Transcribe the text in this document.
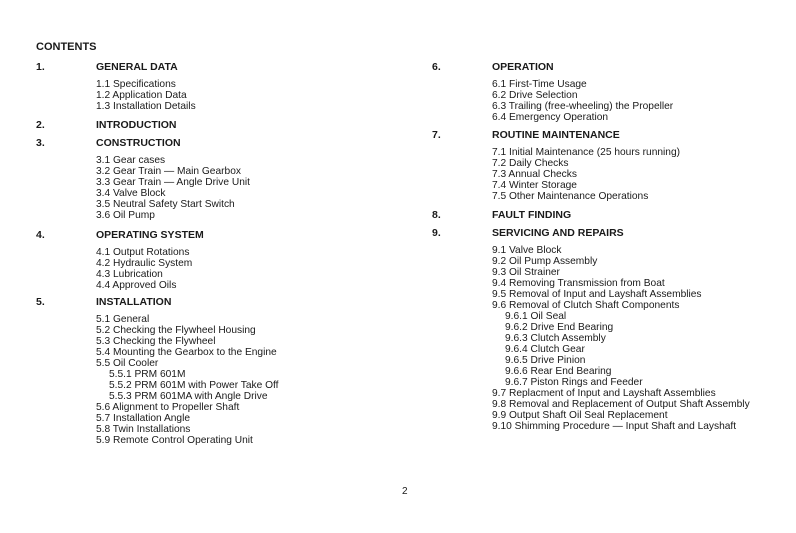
CONTENTS
1.	GENERAL DATA
1.1 Specifications
1.2 Application Data
1.3 Installation Details
2.	INTRODUCTION
3.	CONSTRUCTION
3.1 Gear cases
3.2 Gear Train — Main Gearbox
3.3 Gear Train — Angle Drive Unit
3.4 Valve Block
3.5 Neutral Safety Start Switch
3.6 Oil Pump
4.	OPERATING SYSTEM
4.1 Output Rotations
4.2 Hydraulic System
4.3 Lubrication
4.4 Approved Oils
5.	INSTALLATION
5.1 General
5.2 Checking the Flywheel Housing
5.3 Checking the Flywheel
5.4 Mounting the Gearbox to the Engine
5.5 Oil Cooler
5.5.1 PRM 601M
5.5.2 PRM 601M with Power Take Off
5.5.3 PRM 601MA with Angle Drive
5.6 Alignment to Propeller Shaft
5.7 Installation Angle
5.8 Twin Installations
5.9 Remote Control Operating Unit
6.	OPERATION
6.1 First-Time Usage
6.2 Drive Selection
6.3 Trailing (free-wheeling) the Propeller
6.4 Emergency Operation
7.	ROUTINE MAINTENANCE
7.1 Initial Maintenance (25 hours running)
7.2 Daily Checks
7.3 Annual Checks
7.4 Winter Storage
7.5 Other Maintenance Operations
8.	FAULT FINDING
9.	SERVICING AND REPAIRS
9.1 Valve Block
9.2 Oil Pump Assembly
9.3 Oil Strainer
9.4 Removing Transmission from Boat
9.5 Removal of Input and Layshaft Assemblies
9.6 Removal of Clutch Shaft Components
9.6.1 Oil Seal
9.6.2 Drive End Bearing
9.6.3 Clutch Assembly
9.6.4 Clutch Gear
9.6.5 Drive Pinion
9.6.6 Rear End Bearing
9.6.7 Piston Rings and Feeder
9.7 Replacment of Input and Layshaft Assemblies
9.8 Removal and Replacement of Output Shaft Assembly
9.9 Output Shaft Oil Seal Replacement
9.10 Shimming Procedure — Input Shaft and Layshaft
2
